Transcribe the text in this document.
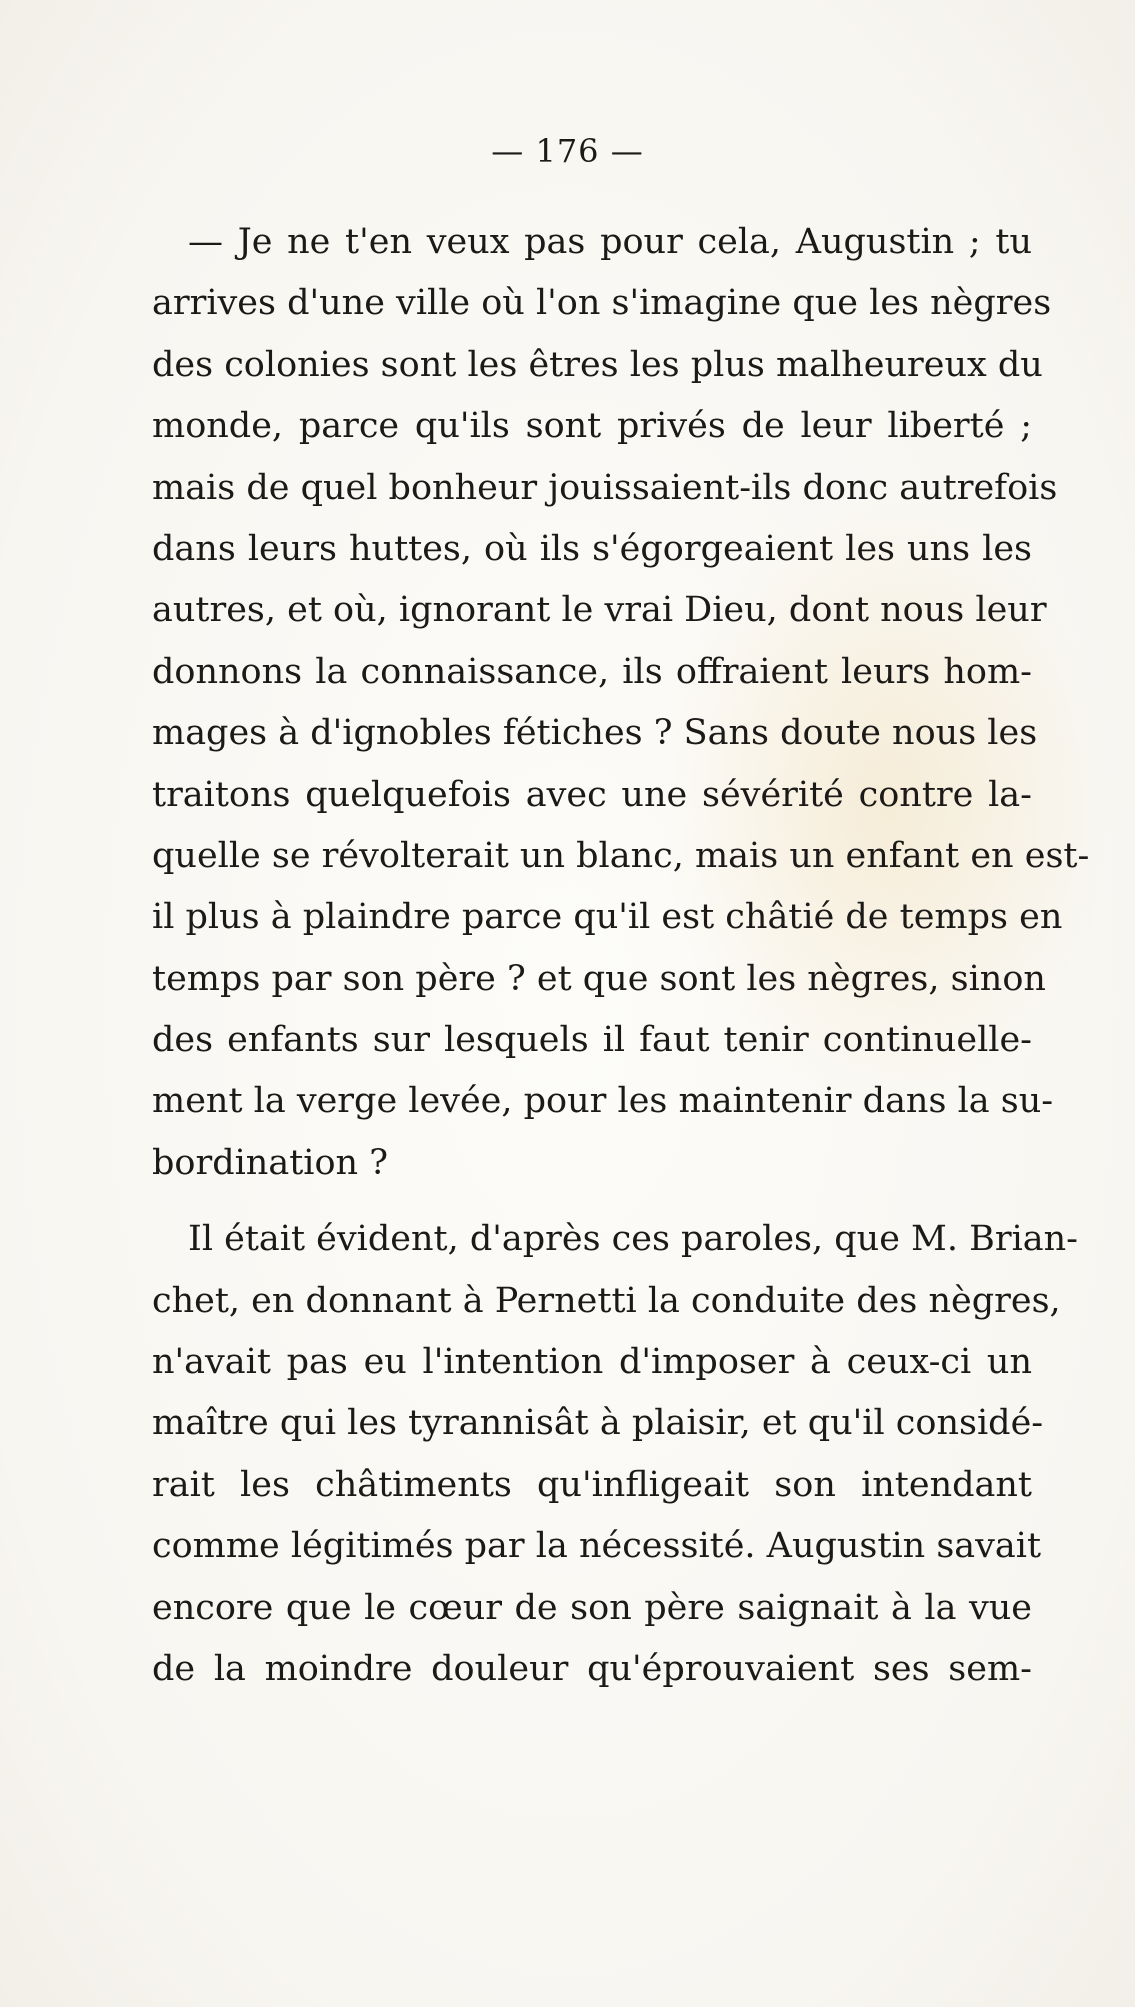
— 176 —
— Je ne t'en veux pas pour cela, Augustin ; tu
arrives d'une ville où l'on s'imagine que les nègres
des colonies sont les êtres les plus malheureux du
monde, parce qu'ils sont privés de leur liberté ;
mais de quel bonheur jouissaient-ils donc autrefois
dans leurs huttes, où ils s'égorgeaient les uns les
autres, et où, ignorant le vrai Dieu, dont nous leur
donnons la connaissance, ils offraient leurs hom-
mages à d'ignobles fétiches ? Sans doute nous les
traitons quelquefois avec une sévérité contre la-
quelle se révolterait un blanc, mais un enfant en est-
il plus à plaindre parce qu'il est châtié de temps en
temps par son père ? et que sont les nègres, sinon
des enfants sur lesquels il faut tenir continuelle-
ment la verge levée, pour les maintenir dans la su-
bordination ?
Il était évident, d'après ces paroles, que M. Brian-
chet, en donnant à Pernetti la conduite des nègres,
n'avait pas eu l'intention d'imposer à ceux-ci un
maître qui les tyrannisât à plaisir, et qu'il considé-
rait les châtiments qu'infligeait son intendant
comme légitimés par la nécessité. Augustin savait
encore que le cœur de son père saignait à la vue
de la moindre douleur qu'éprouvaient ses sem-
